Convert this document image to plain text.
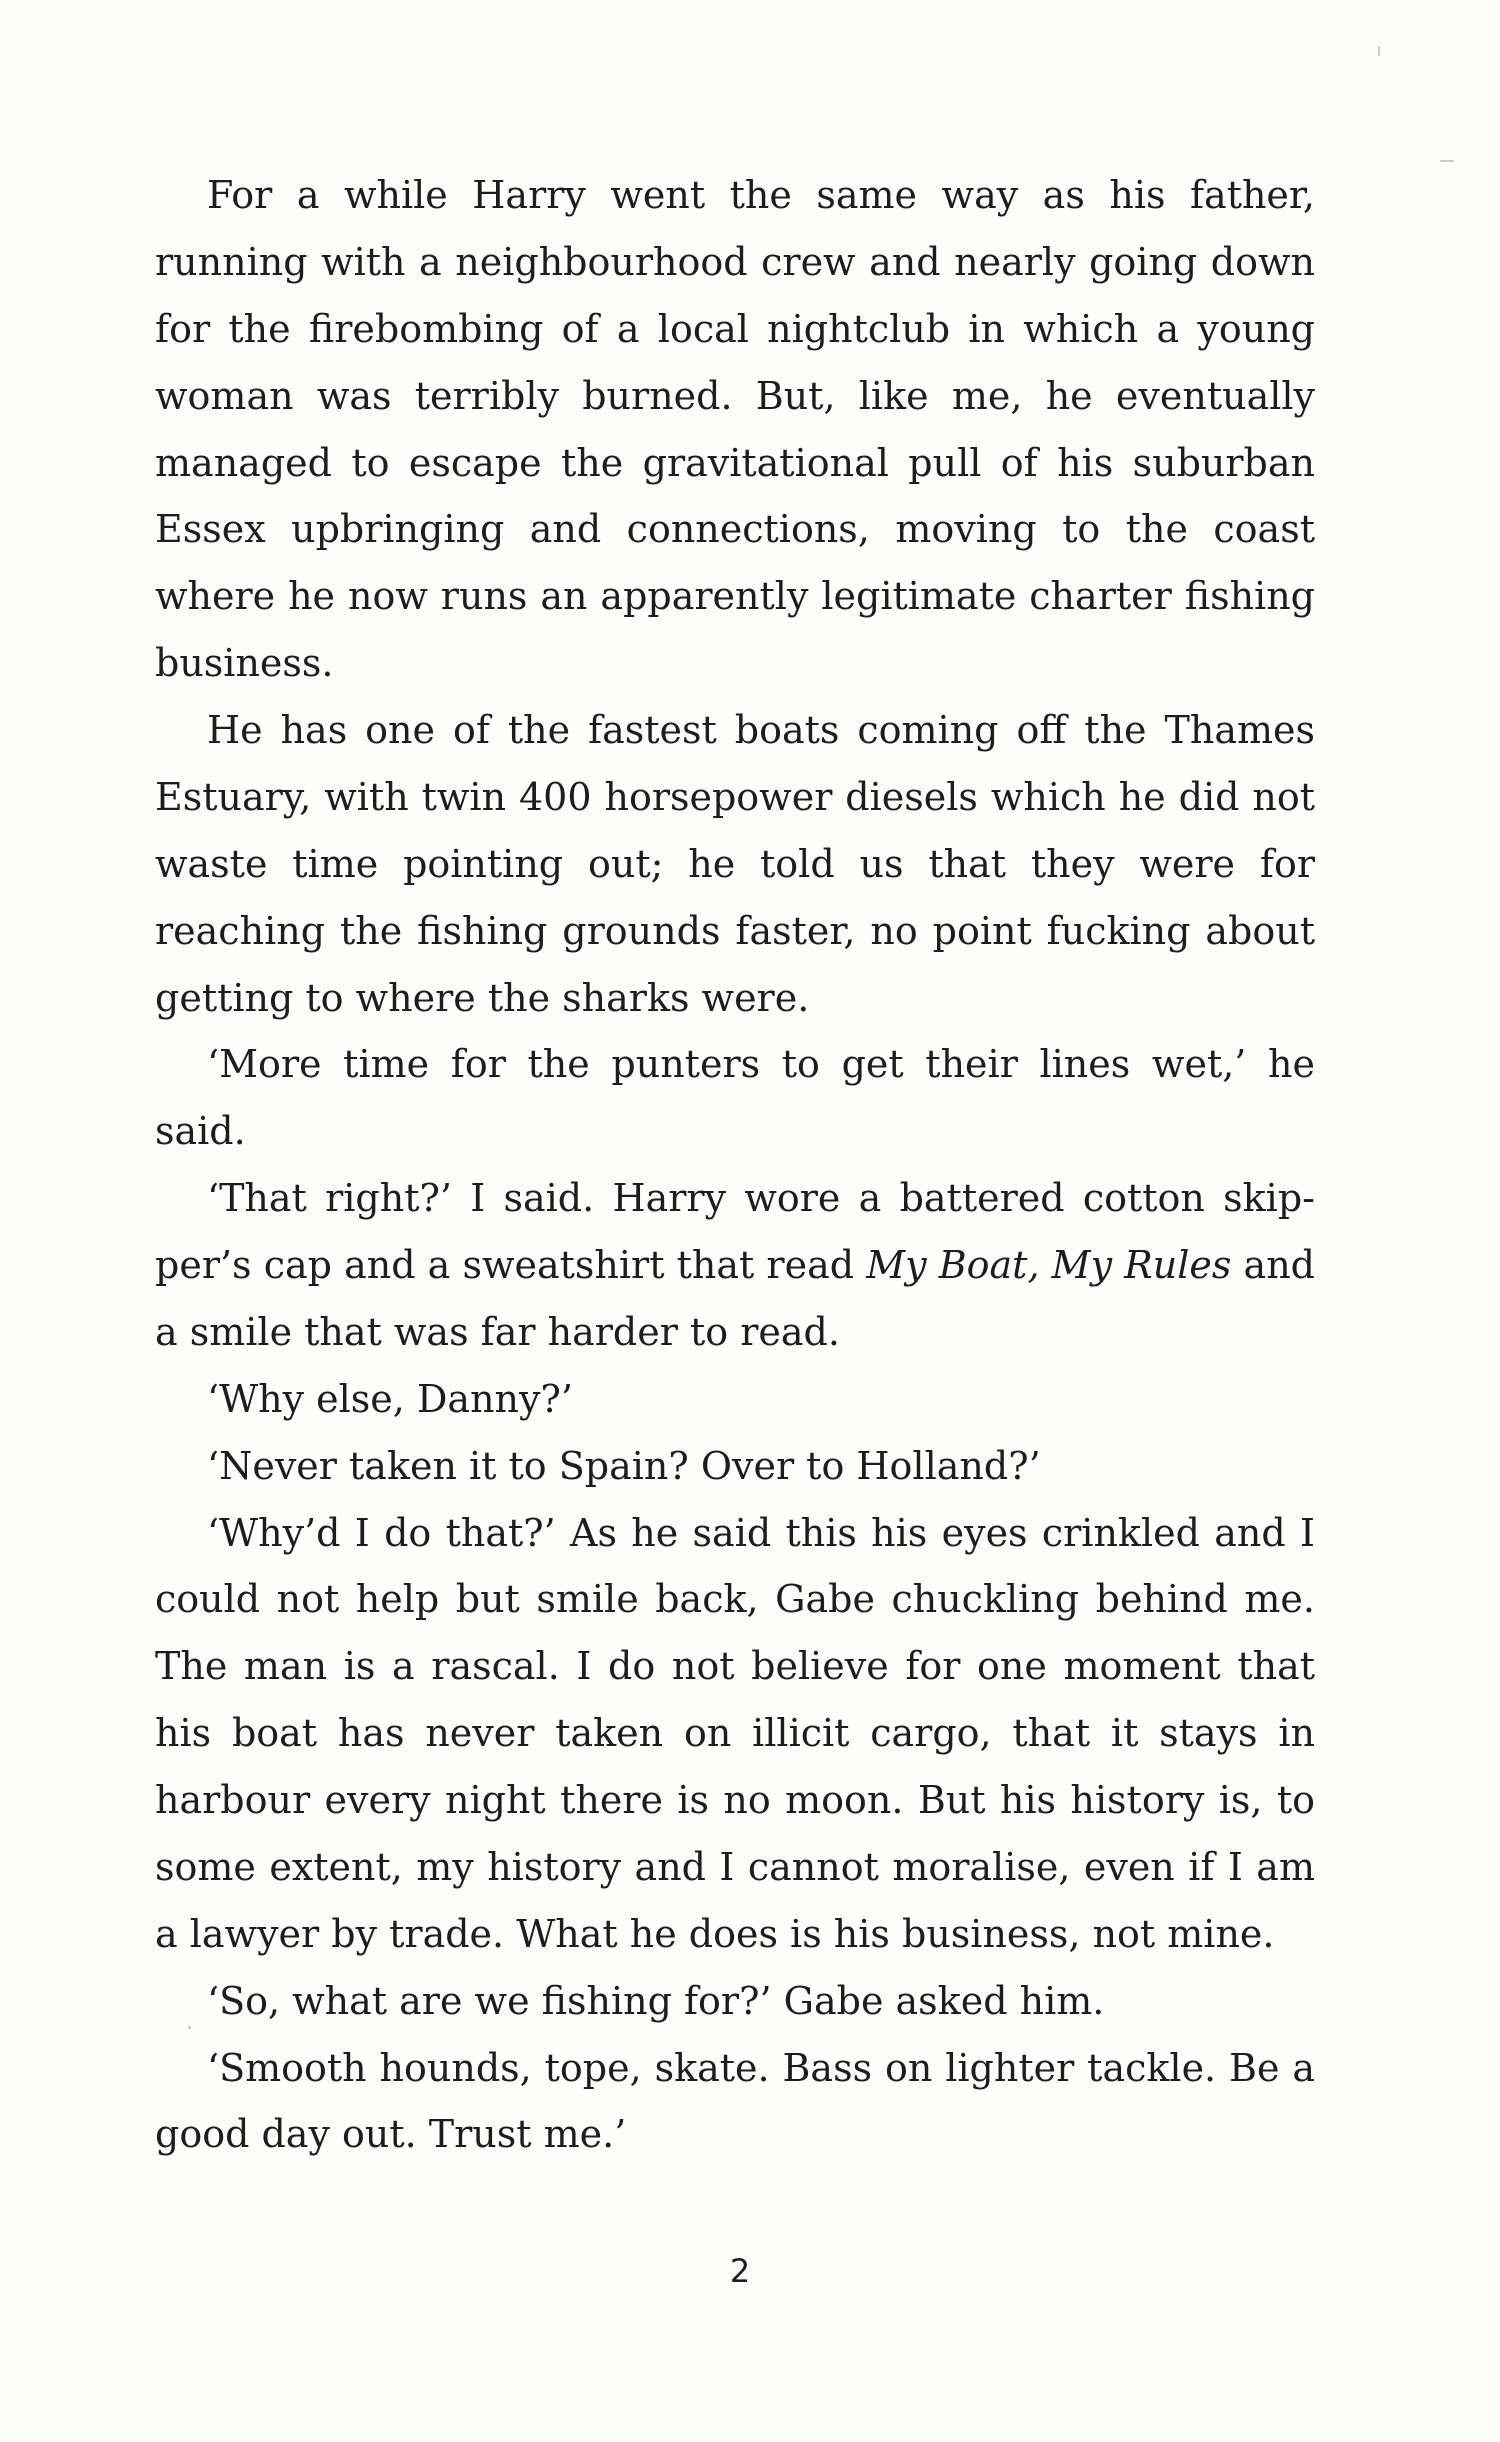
For a while Harry went the same way as his father, running with a neighbourhood crew and nearly going down for the firebombing of a local nightclub in which a young woman was terribly burned. But, like me, he eventually managed to escape the gravitational pull of his suburban Essex upbringing and connections, moving to the coast where he now runs an apparently legitimate charter fishing business.

He has one of the fastest boats coming off the Thames Estuary, with twin 400 horsepower diesels which he did not waste time pointing out; he told us that they were for reaching the fishing grounds faster, no point fucking about getting to where the sharks were.

‘More time for the punters to get their lines wet,’ he said.

‘That right?’ I said. Harry wore a battered cotton skipper’s cap and a sweatshirt that read My Boat, My Rules and a smile that was far harder to read.

‘Why else, Danny?’

‘Never taken it to Spain? Over to Holland?’

‘Why’d I do that?’ As he said this his eyes crinkled and I could not help but smile back, Gabe chuckling behind me. The man is a rascal. I do not believe for one moment that his boat has never taken on illicit cargo, that it stays in harbour every night there is no moon. But his history is, to some extent, my history and I cannot moralise, even if I am a lawyer by trade. What he does is his business, not mine.

‘So, what are we fishing for?’ Gabe asked him.

‘Smooth hounds, tope, skate. Bass on lighter tackle. Be a good day out. Trust me.’

2
